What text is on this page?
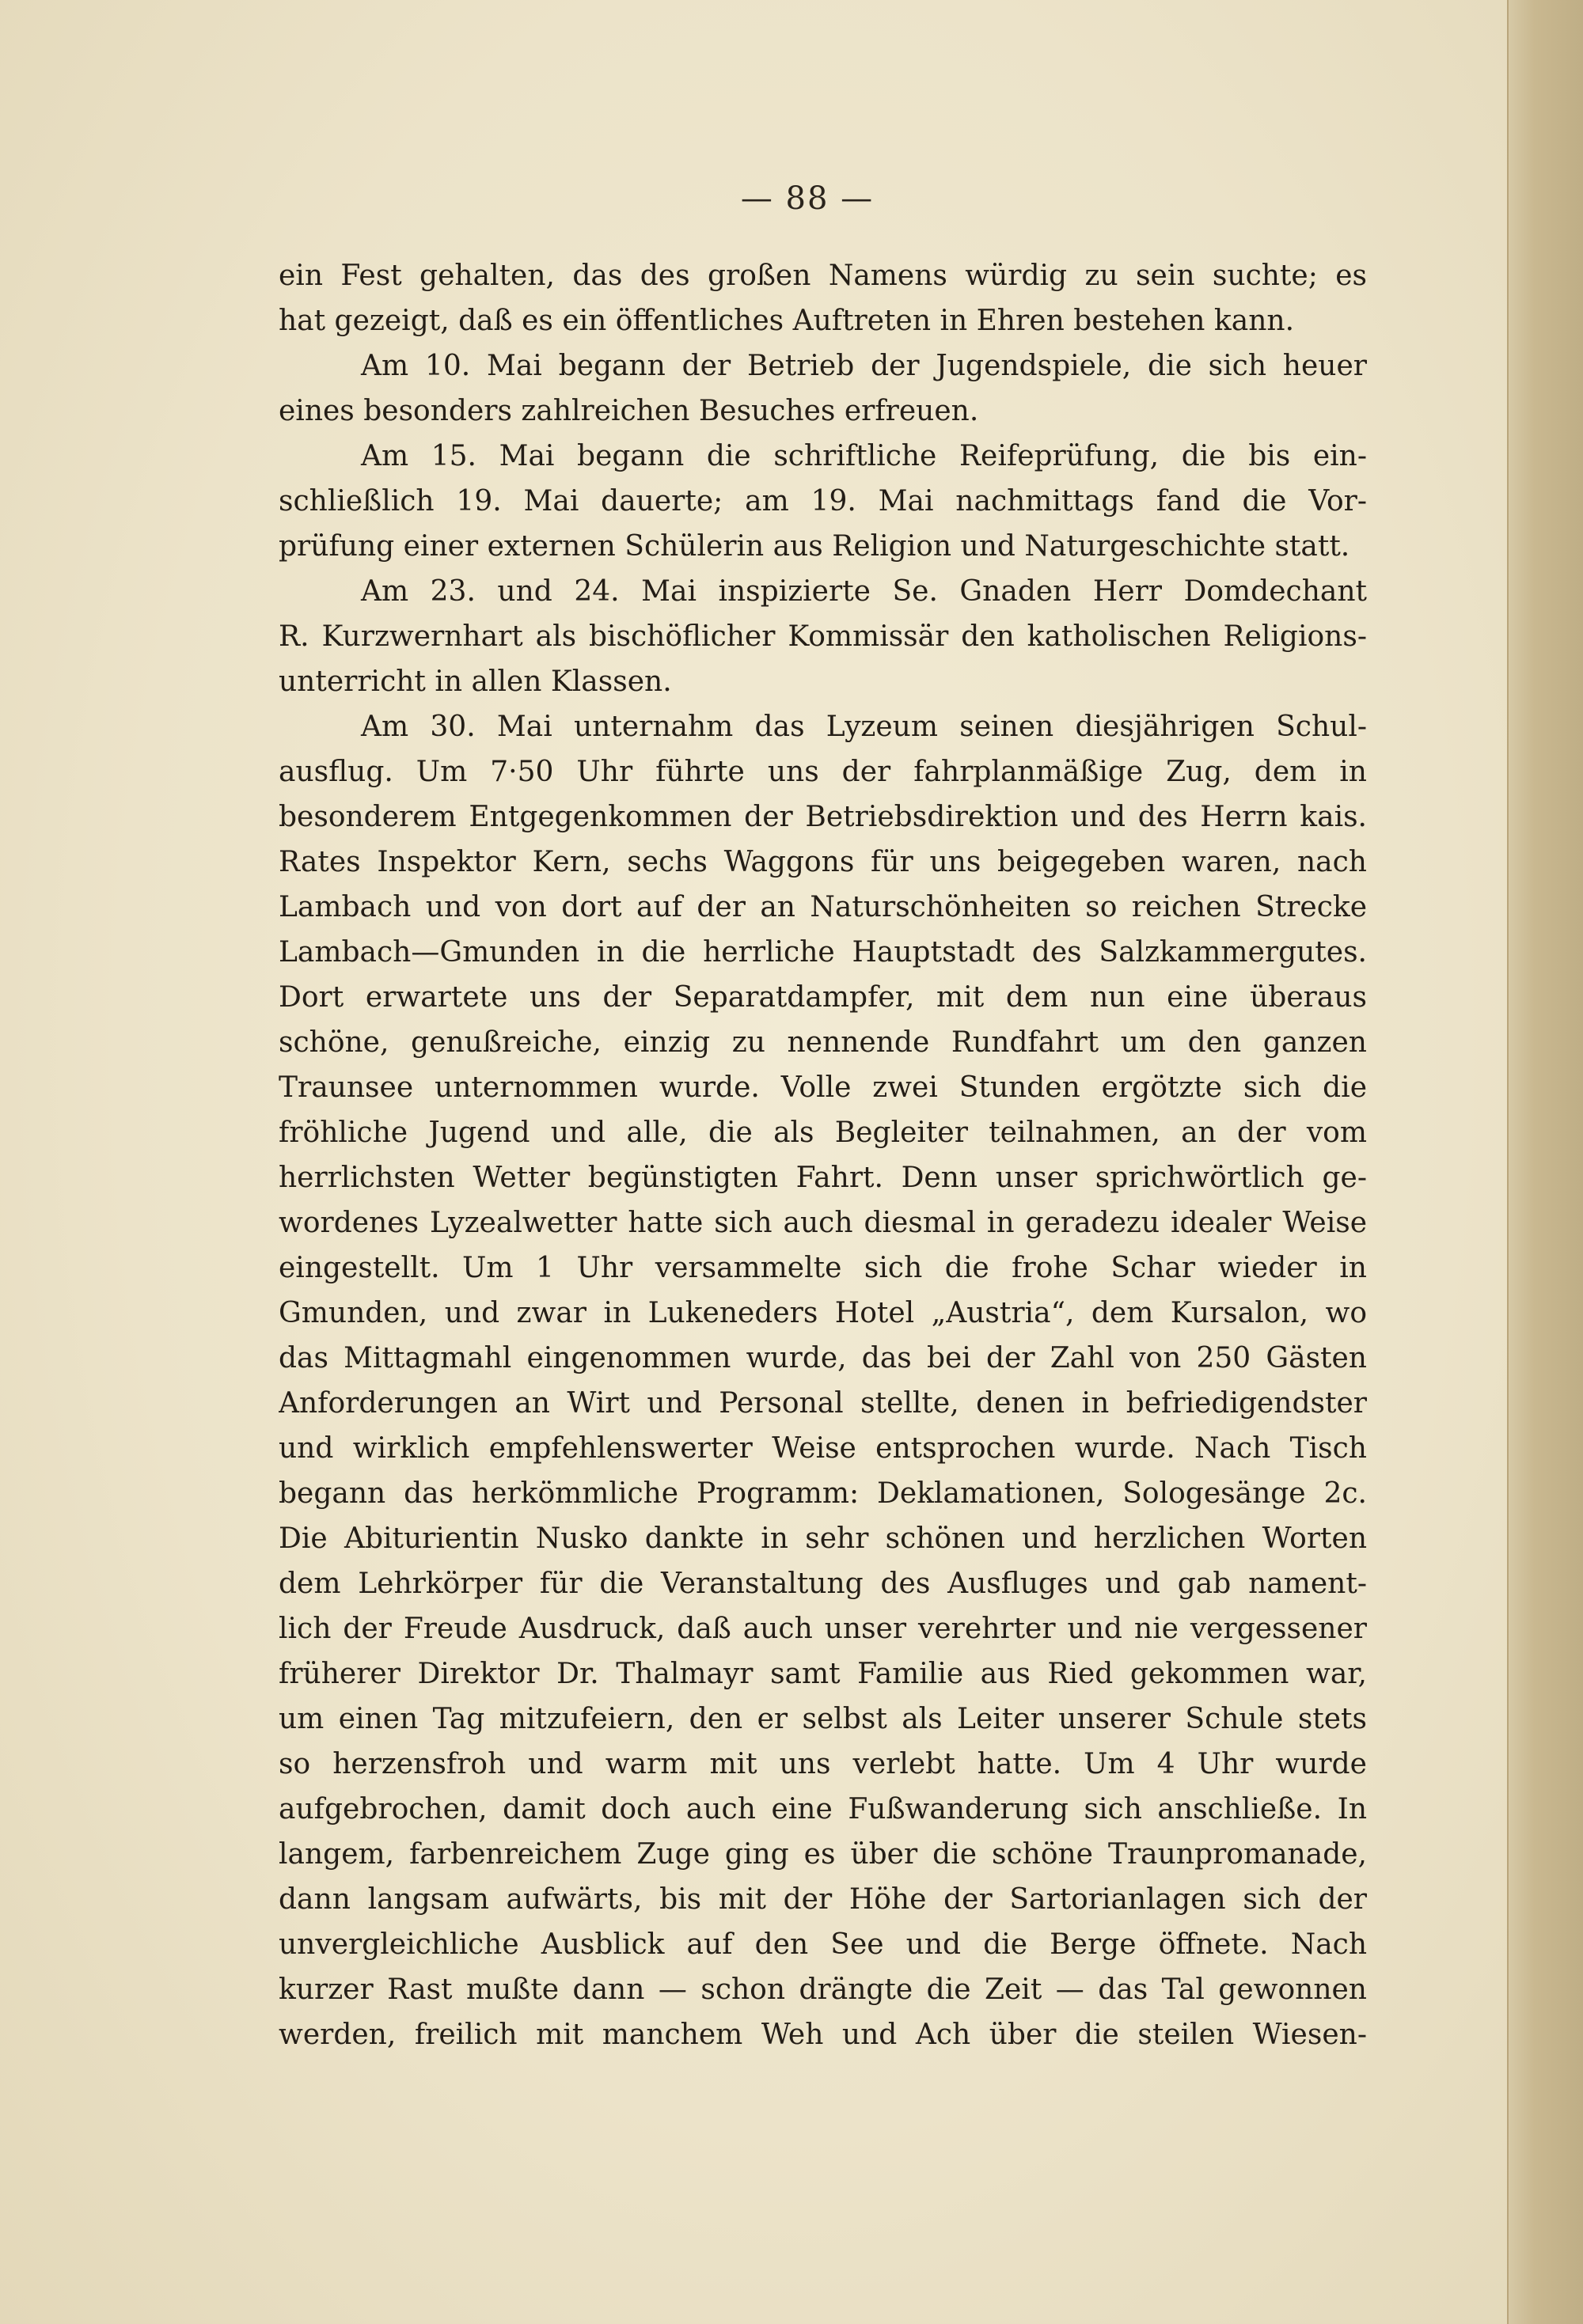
— 88 —
ein Fest gehalten, das des großen Namens würdig zu sein suchte; es
hat gezeigt, daß es ein öffentliches Auftreten in Ehren bestehen kann.
Am 10. Mai begann der Betrieb der Jugendspiele, die sich heuer
eines besonders zahlreichen Besuches erfreuen.
Am 15. Mai begann die schriftliche Reifeprüfung, die bis ein-
schließlich 19. Mai dauerte; am 19. Mai nachmittags fand die Vor-
prüfung einer externen Schülerin aus Religion und Naturgeschichte statt.
Am 23. und 24. Mai inspizierte Se. Gnaden Herr Domdechant
R. Kurzwernhart als bischöflicher Kommissär den katholischen Religions-
unterricht in allen Klassen.
Am 30. Mai unternahm das Lyzeum seinen diesjährigen Schul-
ausflug. Um 7·50 Uhr führte uns der fahrplanmäßige Zug, dem in
besonderem Entgegenkommen der Betriebsdirektion und des Herrn kais.
Rates Inspektor Kern, sechs Waggons für uns beigegeben waren, nach
Lambach und von dort auf der an Naturschönheiten so reichen Strecke
Lambach—Gmunden in die herrliche Hauptstadt des Salzkammergutes.
Dort erwartete uns der Separatdampfer, mit dem nun eine überaus
schöne, genußreiche, einzig zu nennende Rundfahrt um den ganzen
Traunsee unternommen wurde. Volle zwei Stunden ergötzte sich die
fröhliche Jugend und alle, die als Begleiter teilnahmen, an der vom
herrlichsten Wetter begünstigten Fahrt. Denn unser sprichwörtlich ge-
wordenes Lyzealwetter hatte sich auch diesmal in geradezu idealer Weise
eingestellt. Um 1 Uhr versammelte sich die frohe Schar wieder in
Gmunden, und zwar in Lukeneders Hotel „Austria“, dem Kursalon, wo
das Mittagmahl eingenommen wurde, das bei der Zahl von 250 Gästen
Anforderungen an Wirt und Personal stellte, denen in befriedigendster
und wirklich empfehlenswerter Weise entsprochen wurde. Nach Tisch
begann das herkömmliche Programm: Deklamationen, Sologesänge 2c.
Die Abiturientin Nusko dankte in sehr schönen und herzlichen Worten
dem Lehrkörper für die Veranstaltung des Ausfluges und gab nament-
lich der Freude Ausdruck, daß auch unser verehrter und nie vergessener
früherer Direktor Dr. Thalmayr samt Familie aus Ried gekommen war,
um einen Tag mitzufeiern, den er selbst als Leiter unserer Schule stets
so herzensfroh und warm mit uns verlebt hatte. Um 4 Uhr wurde
aufgebrochen, damit doch auch eine Fußwanderung sich anschließe. In
langem, farbenreichem Zuge ging es über die schöne Traunpromanade,
dann langsam aufwärts, bis mit der Höhe der Sartorianlagen sich der
unvergleichliche Ausblick auf den See und die Berge öffnete. Nach
kurzer Rast mußte dann — schon drängte die Zeit — das Tal gewonnen
werden, freilich mit manchem Weh und Ach über die steilen Wiesen-
